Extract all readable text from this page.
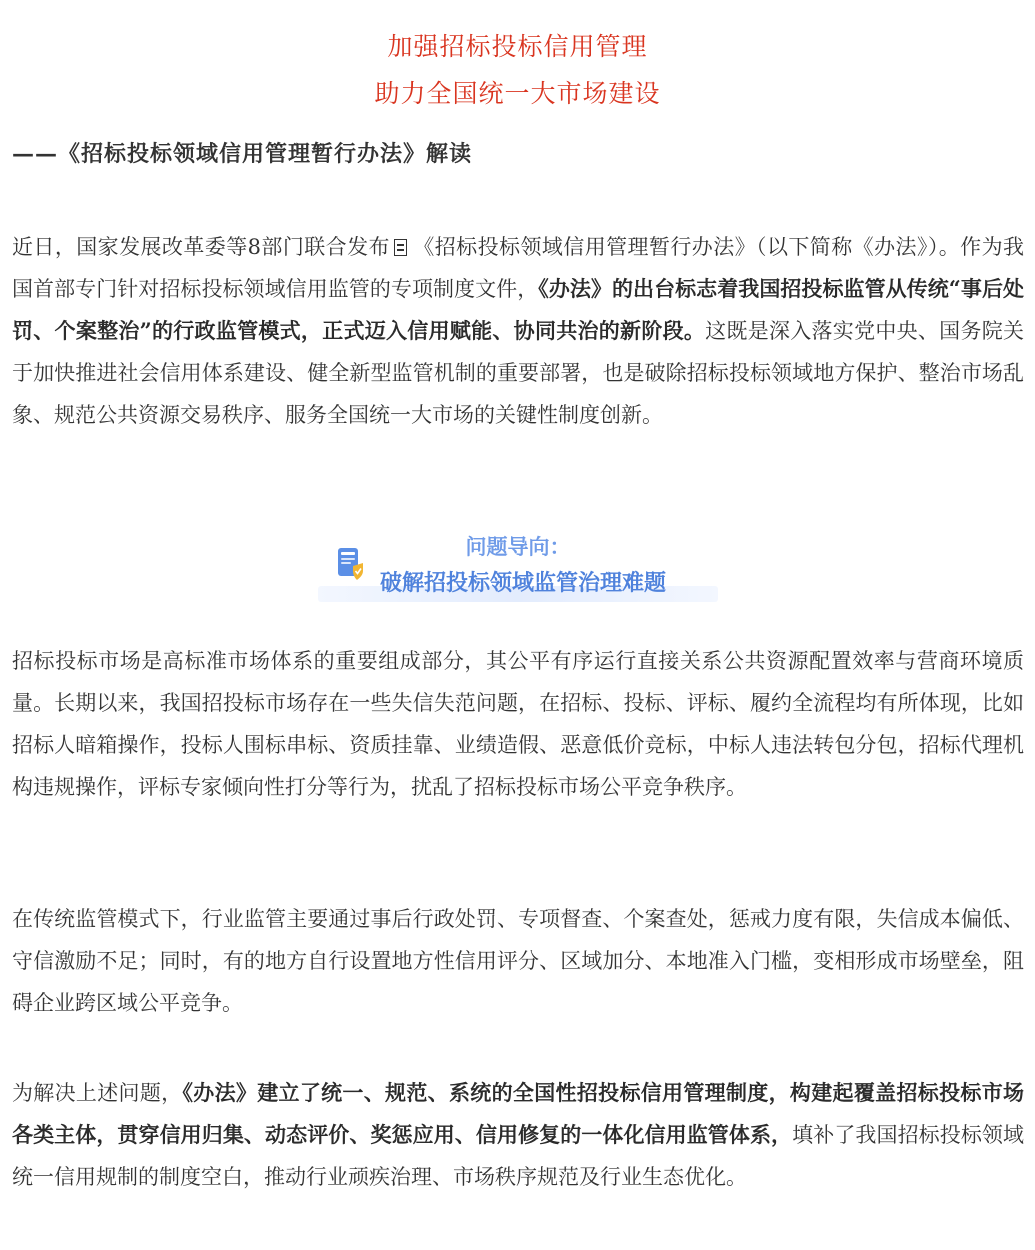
加强招标投标信用管理
助力全国统一大市场建设
——《招标投标领域信用管理暂行办法》解读
近日，国家发展改革委等8部门联合发布 《招标投标领域信用管理暂行办法》（以下简称《办法》）。作为我国首部专门针对招标投标领域信用监管的专项制度文件，《办法》的出台标志着我国招投标监管从传统“事后处罚、个案整治”的行政监管模式，正式迈入信用赋能、协同共治的新阶段。这既是深入落实党中央、国务院关于加快推进社会信用体系建设、健全新型监管机制的重要部署，也是破除招标投标领域地方保护、整治市场乱象、规范公共资源交易秩序、服务全国统一大市场的关键性制度创新。
问题导向：
破解招投标领域监管治理难题
招标投标市场是高标准市场体系的重要组成部分，其公平有序运行直接关系公共资源配置效率与营商环境质量。长期以来，我国招投标市场存在一些失信失范问题，在招标、投标、评标、履约全流程均有所体现，比如招标人暗箱操作，投标人围标串标、资质挂靠、业绩造假、恶意低价竞标，中标人违法转包分包，招标代理机构违规操作，评标专家倾向性打分等行为，扰乱了招标投标市场公平竞争秩序。
在传统监管模式下，行业监管主要通过事后行政处罚、专项督查、个案查处，惩戒力度有限，失信成本偏低、守信激励不足；同时，有的地方自行设置地方性信用评分、区域加分、本地准入门槛，变相形成市场壁垒，阻碍企业跨区域公平竞争。
为解决上述问题，《办法》建立了统一、规范、系统的全国性招投标信用管理制度，构建起覆盖招标投标市场各类主体，贯穿信用归集、动态评价、奖惩应用、信用修复的一体化信用监管体系，填补了我国招标投标领域统一信用规制的制度空白，推动行业顽疾治理、市场秩序规范及行业生态优化。
